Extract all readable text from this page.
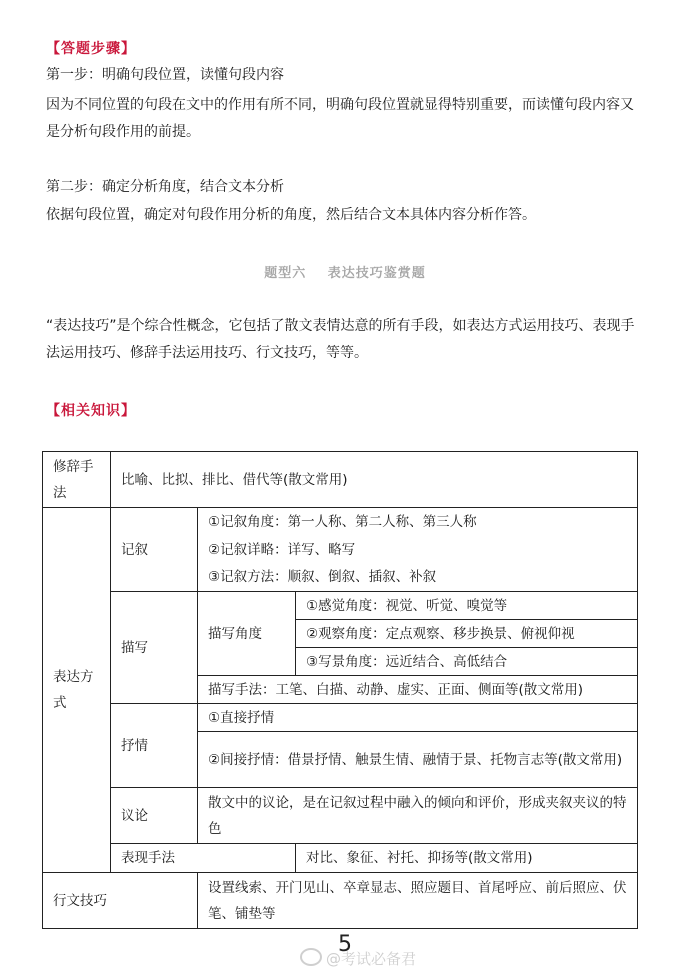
【答题步骤】
第一步：明确句段位置，读懂句段内容
因为不同位置的句段在文中的作用有所不同，明确句段位置就显得特别重要，而读懂句段内容又是分析句段作用的前提。
第二步：确定分析角度，结合文本分析
依据句段位置，确定对句段作用分析的角度，然后结合文本具体内容分析作答。
题型六 表达技巧鉴赏题
“表达技巧”是个综合性概念，它包括了散文表情达意的所有手段，如表达方式运用技巧、表现手法运用技巧、修辞手法运用技巧、行文技巧，等等。
【相关知识】
修辞手法	比喻、比拟、排比、借代等(散文常用)		
表达方式	记叙	①记叙角度：第一人称、第二人称、第三人称	
		②记叙详略：详写、略写	
		③记叙方法：顺叙、倒叙、插叙、补叙	
	描写	描写角度	①感觉角度：视觉、听觉、嗅觉等
			②观察角度：定点观察、移步换景、俯视仰视
			③写景角度：远近结合、高低结合
		描写手法：工笔、白描、动静、虚实、正面、侧面等(散文常用)	
	抒情	①直接抒情	
		②间接抒情：借景抒情、触景生情、融情于景、托物言志等(散文常用)	
	议论	散文中的议论，是在记叙过程中融入的倾向和评价，形成夹叙夹议的特色	
	表现手法		对比、象征、衬托、抑扬等(散文常用)
行文技巧		设置线索、开门见山、卒章显志、照应题目、首尾呼应、前后照应、伏笔、铺垫等	
5
@考试必备君
